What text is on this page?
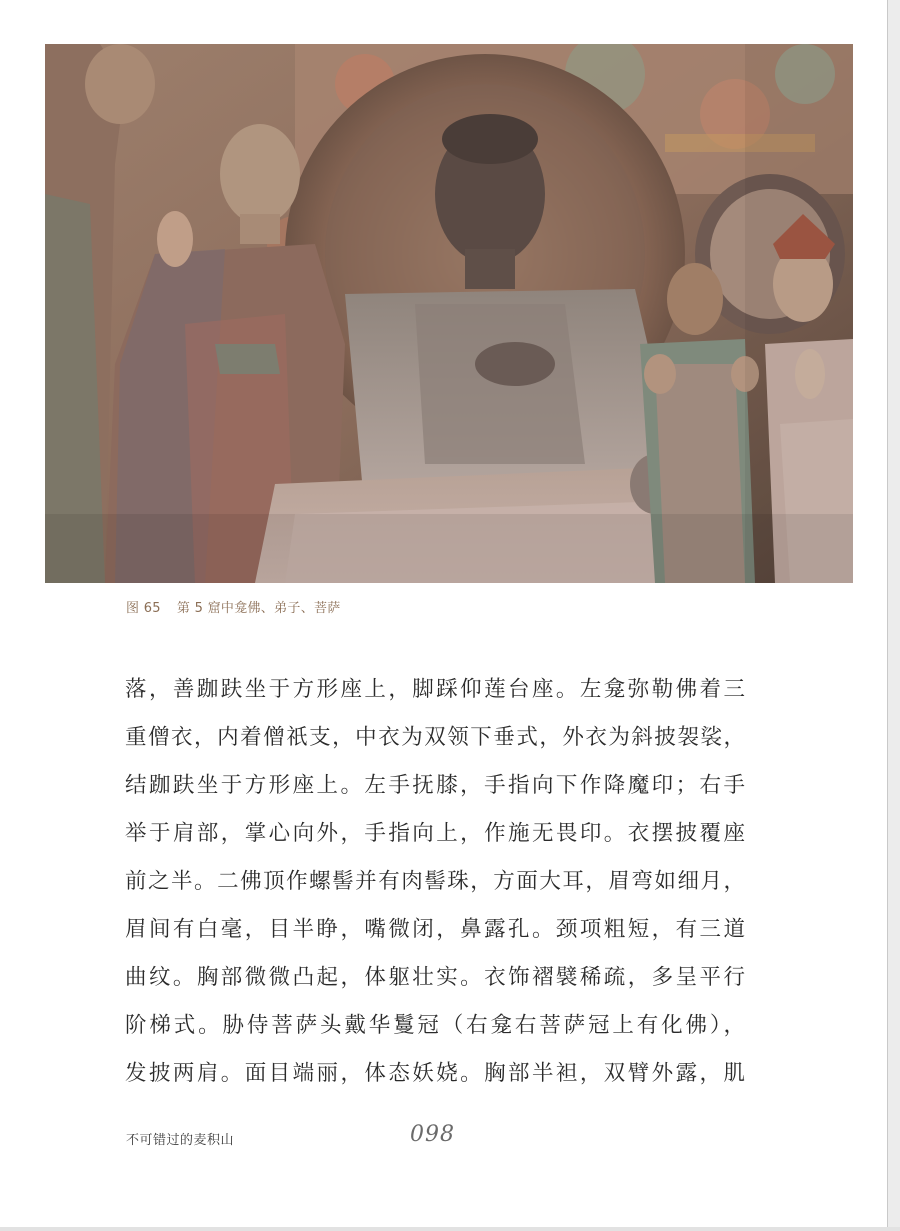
图 65 第 5 窟中龛佛、弟子、菩萨
落，善跏趺坐于方形座上，脚踩仰莲台座。左龛弥勒佛着三
重僧衣，内着僧祇支，中衣为双领下垂式，外衣为斜披袈裟，
结跏趺坐于方形座上。左手抚膝，手指向下作降魔印；右手
举于肩部，掌心向外，手指向上，作施无畏印。衣摆披覆座
前之半。二佛顶作螺髻并有肉髻珠，方面大耳，眉弯如细月，
眉间有白毫，目半睁，嘴微闭，鼻露孔。颈项粗短，有三道
曲纹。胸部微微凸起，体躯壮实。衣饰褶襞稀疏，多呈平行
阶梯式。胁侍菩萨头戴华鬘冠（右龛右菩萨冠上有化佛），
发披两肩。面目端丽，体态妖娆。胸部半袒，双臂外露，肌
不可错过的麦积山	098
